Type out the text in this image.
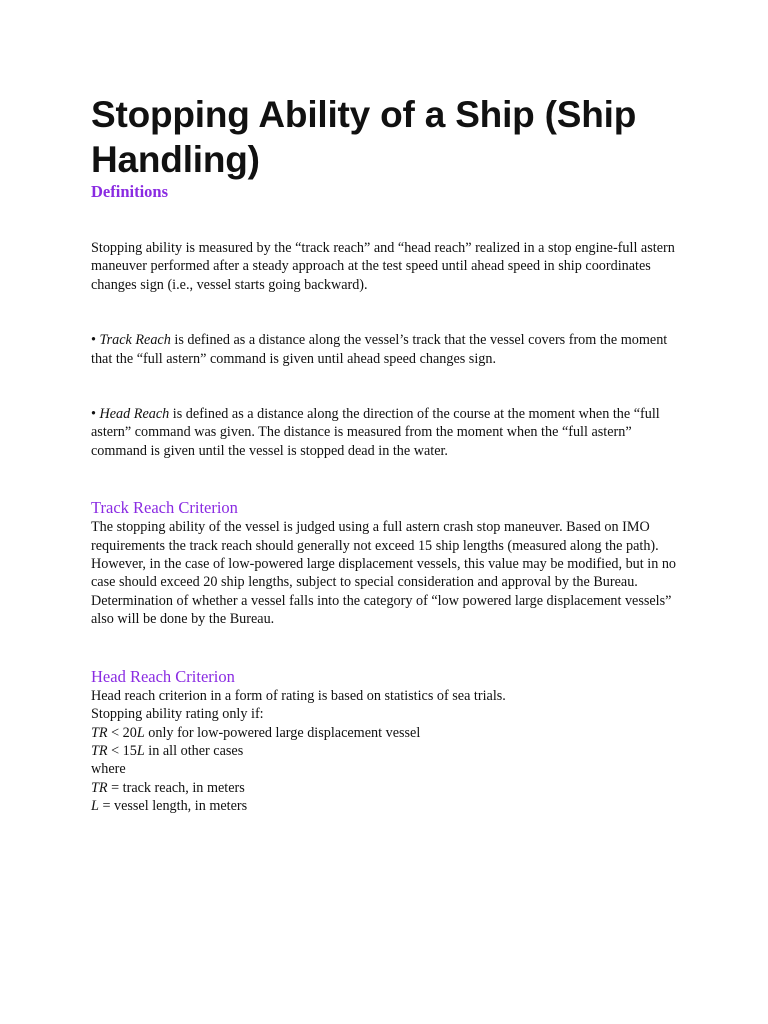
Stopping Ability of a Ship (Ship Handling)
Definitions

Stopping ability is measured by the “track reach” and “head reach” realized in a stop engine-full astern maneuver performed after a steady approach at the test speed until ahead speed in ship coordinates changes sign (i.e., vessel starts going backward).

• Track Reach is defined as a distance along the vessel’s track that the vessel covers from the moment that the “full astern” command is given until ahead speed changes sign.

• Head Reach is defined as a distance along the direction of the course at the moment when the “full astern” command was given. The distance is measured from the moment when the “full astern” command is given until the vessel is stopped dead in the water.

Track Reach Criterion

The stopping ability of the vessel is judged using a full astern crash stop maneuver. Based on IMO requirements the track reach should generally not exceed 15 ship lengths (measured along the path).

However, in the case of low-powered large displacement vessels, this value may be modified, but in no case should exceed 20 ship lengths, subject to special consideration and approval by the Bureau.

Determination of whether a vessel falls into the category of “low powered large displacement vessels” also will be done by the Bureau.

Head Reach Criterion

Head reach criterion in a form of rating is based on statistics of sea trials.

Stopping ability rating only if:

TR < 20L only for low-powered large displacement vessel

TR < 15L in all other cases

where

TR = track reach, in meters

L = vessel length, in meters
